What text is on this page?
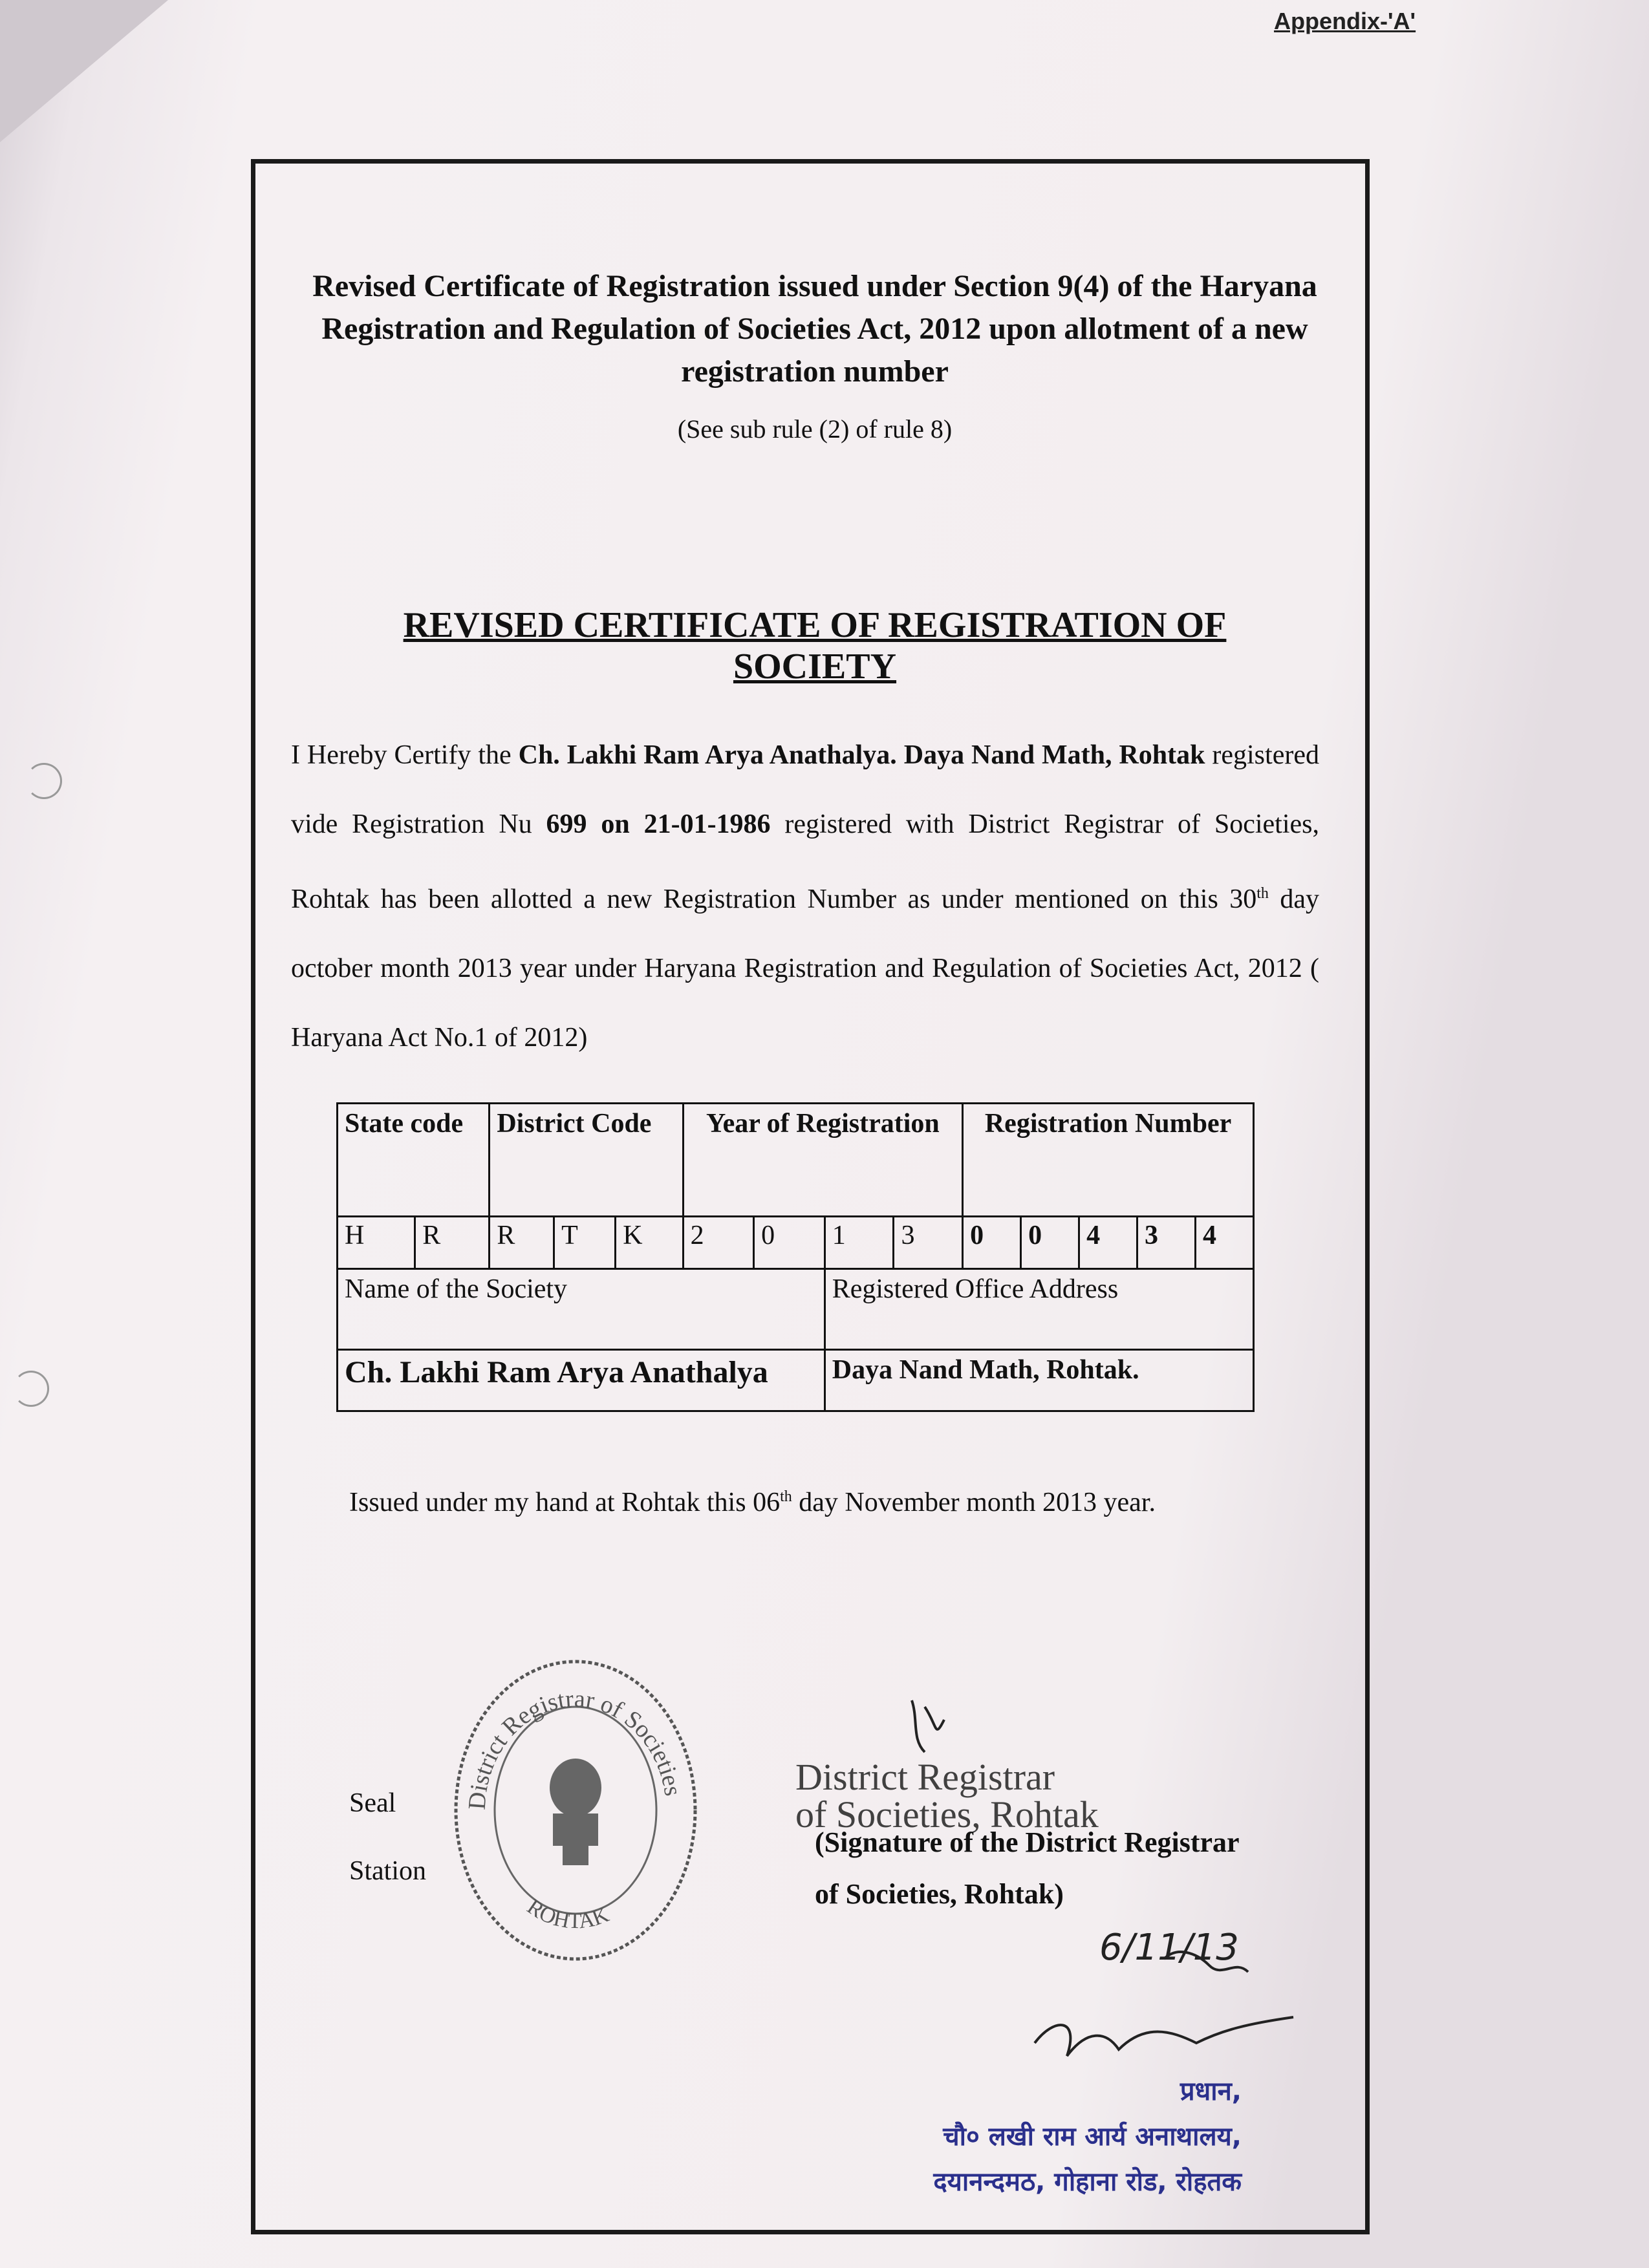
Appendix-'A'
Revised Certificate of Registration issued under Section 9(4) of the Haryana
Registration and Regulation of Societies Act, 2012 upon allotment of a new
registration number
(See sub rule (2) of rule 8)
REVISED CERTIFICATE OF REGISTRATION OF SOCIETY
I Hereby Certify the Ch. Lakhi Ram Arya Anathalya. Daya Nand Math, Rohtak registered vide Registration Nu 699 on 21-01-1986 registered with District Registrar of Societies, Rohtak has been allotted a new Registration Number as under mentioned on this 30th day october month 2013 year under Haryana Registration and Regulation of Societies Act, 2012 ( Haryana Act No.1 of 2012)
State code		District Code			Year of Registration				Registration Number				
H	R	R	T	K	2	0	1	3	0	0	4	3	4
Name of the Society							Registered Office Address						
Ch. Lakhi Ram Arya Anathalya							Daya Nand Math, Rohtak.						
Issued under my hand at Rohtak this 06th day November month 2013 year.
Seal
Station
District Registrar of Societies
ROHTAK
District Registrar
of Societies, Rohtak
(Signature of the District Registrar
of Societies, Rohtak)
6/11/13
प्रधान,
चौ० लखी राम आर्य अनाथालय,
दयानन्दमठ, गोहाना रोड, रोहतक
